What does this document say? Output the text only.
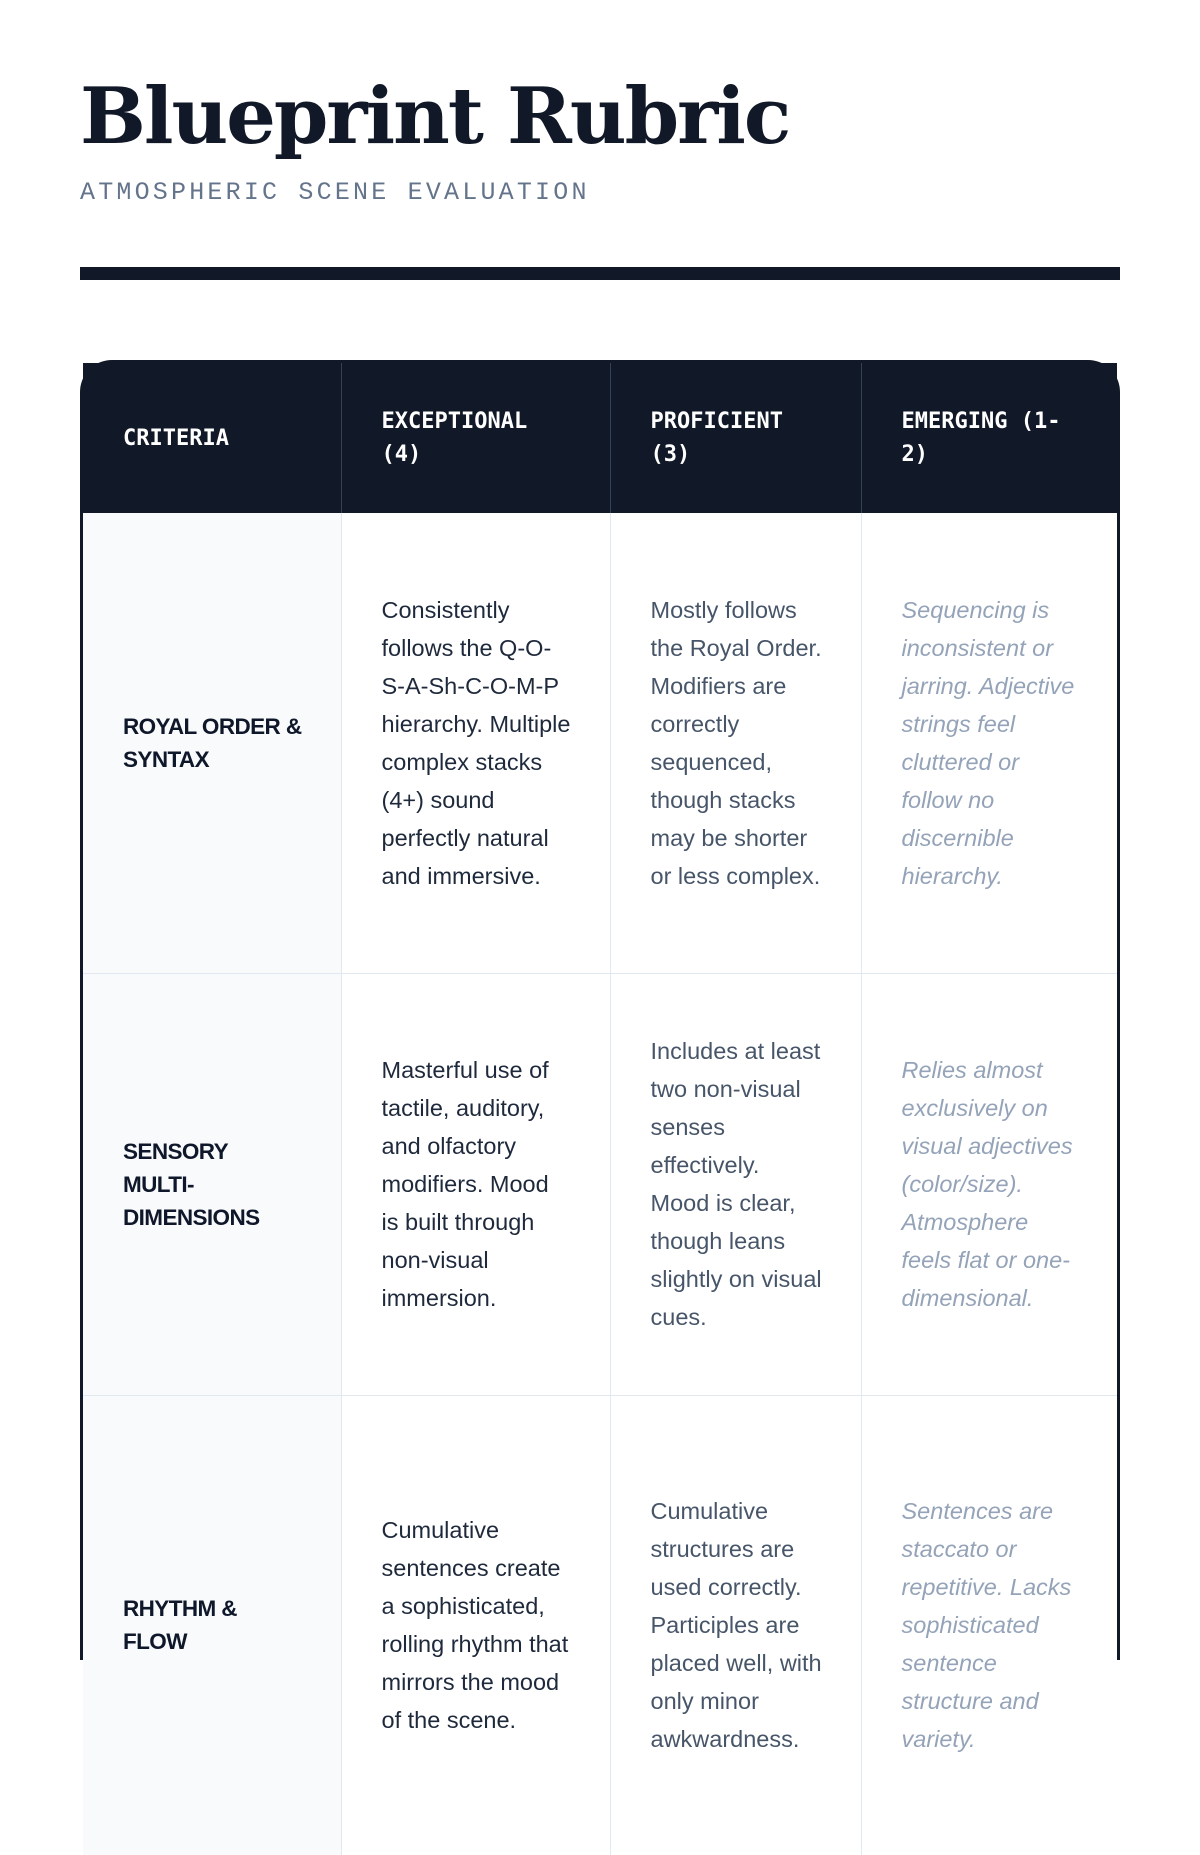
Blueprint Rubric
ATMOSPHERIC SCENE EVALUATION
CRITERIA	EXCEPTIONAL (4)	PROFICIENT (3)	EMERGING (1-2)
ROYAL ORDER & SYNTAX	Consistently follows the Q-O-S-A-Sh-C-O-M-P hierarchy. Multiple complex stacks (4+) sound perfectly natural and immersive.	Mostly follows the Royal Order. Modifiers are correctly sequenced, though stacks may be shorter or less complex.	Sequencing is inconsistent or jarring. Adjective strings feel cluttered or follow no discernible hierarchy.
SENSORY MULTI-DIMENSIONS	Masterful use of tactile, auditory, and olfactory modifiers. Mood is built through non-visual immersion.	Includes at least two non-visual senses effectively. Mood is clear, though leans slightly on visual cues.	Relies almost exclusively on visual adjectives (color/size). Atmosphere feels flat or one-dimensional.
RHYTHM & FLOW	Cumulative sentences create a sophisticated, rolling rhythm that mirrors the mood of the scene.	Cumulative structures are used correctly. Participles are placed well, with only minor awkwardness.	Sentences are staccato or repetitive. Lacks sophisticated sentence structure and variety.
